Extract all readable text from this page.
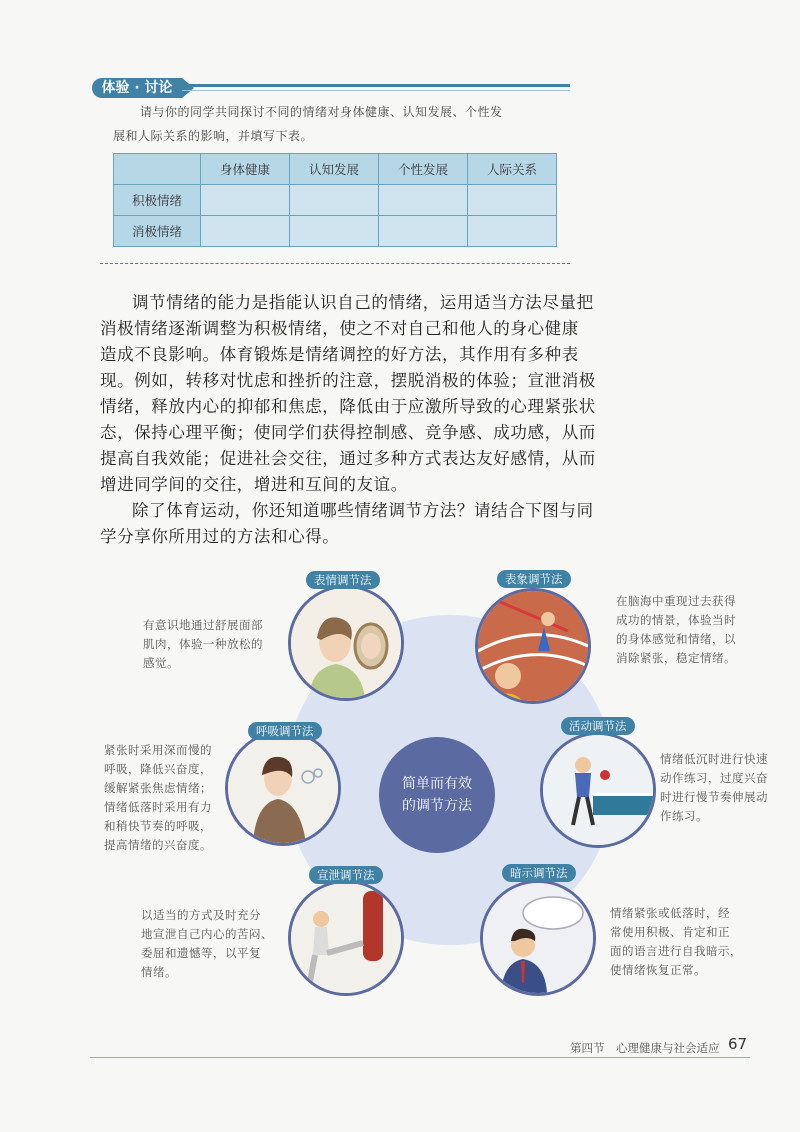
体验 · 讨论
请与你的同学共同探讨不同的情绪对身体健康、认知发展、个性发
展和人际关系的影响，并填写下表。
	身体健康	认知发展	个性发展	人际关系
积极情绪				
消极情绪				
调节情绪的能力是指能认识自己的情绪，运用适当方法尽量把
消极情绪逐渐调整为积极情绪，使之不对自己和他人的身心健康
造成不良影响。体育锻炼是情绪调控的好方法，其作用有多种表
现。例如，转移对忧虑和挫折的注意，摆脱消极的体验；宣泄消极
情绪，释放内心的抑郁和焦虑，降低由于应激所导致的心理紧张状
态，保持心理平衡；使同学们获得控制感、竞争感、成功感，从而
提高自我效能；促进社会交往，通过多种方式表达友好感情，从而
增进同学间的交往，增进和互间的友谊。
除了体育运动，你还知道哪些情绪调节方法？请结合下图与同
学分享你所用过的方法和心得。
简单而有效
的调节方法
表情调节法
有意识地通过舒展面部
肌肉，体验一种放松的
感觉。
表象调节法
在脑海中重现过去获得
成功的情景，体验当时
的身体感觉和情绪，以
消除紧张，稳定情绪。
呼吸调节法
紧张时采用深而慢的
呼吸，降低兴奋度，
缓解紧张焦虑情绪；
情绪低落时采用有力
和稍快节奏的呼吸，
提高情绪的兴奋度。
活动调节法
情绪低沉时进行快速
动作练习，过度兴奋
时进行慢节奏伸展动
作练习。
宣泄调节法
以适当的方式及时充分
地宣泄自己内心的苦闷、
委屈和遗憾等，以平复
情绪。
暗示调节法
情绪紧张或低落时，经
常使用积极、肯定和正
面的语言进行自我暗示，
使情绪恢复正常。
第四节　心理健康与社会适应 67
